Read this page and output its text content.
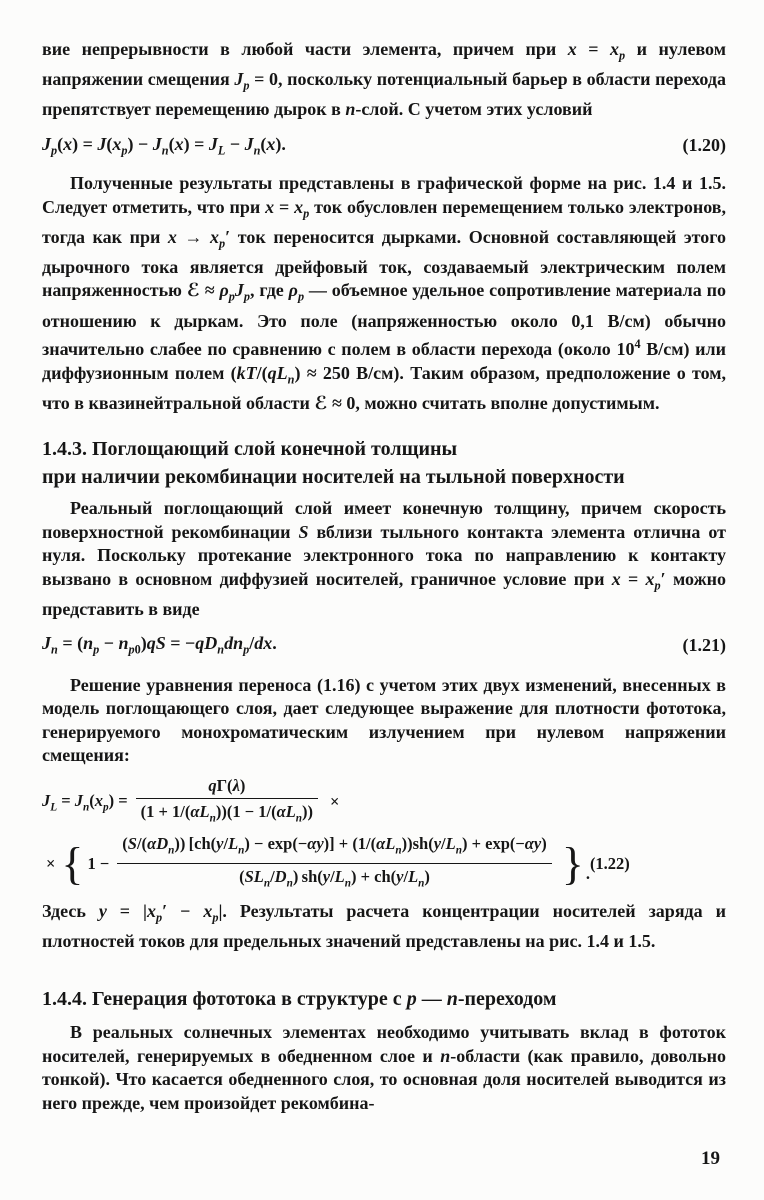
вие непрерывности в любой части элемента, причем при $x = x_p$ и нулевом напряжении смещения $J_p = 0$, поскольку потенциальный барьер в области перехода препятствует перемещению дырок в n-слой. С учетом этих условий

$J_p(x) = J(x_p) - J_n(x) = J_L - J_n(x)$.	(1.20)

Полученные результаты представлены в графической форме на рис. 1.4 и 1.5. Следует отметить, что при $x = x_p$ ток обусловлен перемещением только электронов, тогда как при $x \to x_p'$ ток переносится дырками. Основной составляющей этого дырочного тока является дрейфовый ток, создаваемый электрическим полем напряженностью ℰ ≈ $\rho_pJ_p$, где $\rho_p$ — объемное удельное сопротивление материала по отношению к дыркам. Это поле (напряженностью около 0,1 В/см) обычно значительно слабее по сравнению с полем в области перехода (около $10^4$ В/см) или диффузионным полем ($kT/(qL_n) \approx 250$ В/см). Таким образом, предположение о том, что в квазинейтральной области ℰ ≈ 0, можно считать вполне допустимым.

1.4.3. Поглощающий слой конечной толщины
при наличии рекомбинации носителей на тыльной поверхности

Реальный поглощающий слой имеет конечную толщину, причем скорость поверхностной рекомбинации S вблизи тыльного контакта элемента отлична от нуля. Поскольку протекание электронного тока по направлению к контакту вызвано в основном диффузией носителей, граничное условие при $x = x_p'$ можно представить в виде

$J_n = (n_p - n_{p0})qS = -qD_ndn_p/dx$.	(1.21)

Решение уравнения переноса (1.16) с учетом этих двух изменений, внесенных в модель поглощающего слоя, дает следующее выражение для плотности фототока, генерируемого монохроматическим излучением при нулевом напряжении смещения:

$J_L = J_n(x_p) = \frac{q\Gamma(\lambda)}{(1 + 1/(\alpha L_n))(1 - 1/(\alpha L_n))}$ ×
× { 1 −
$(S/(\alpha D_n)) [ch(y/L_n) - \exp(-\alpha y)] + (1/(\alpha L_n))sh(y/L_n) + \exp(-\alpha y)$
$(SL_n/D_n) sh(y/L_n) + ch(y/L_n)$	} .
(1.22)

Здесь $y = |x_p' - x_p|$. Результаты расчета концентрации носителей заряда и плотностей токов для предельных значений представлены на рис. 1.4 и 1.5.

1.4.4. Генерация фототока в структуре с p — n-переходом

В реальных солнечных элементах необходимо учитывать вклад в фототок носителей, генерируемых в обедненном слое и n-области (как правило, довольно тонкой). Что касается обедненного слоя, то основная доля носителей выводится из него прежде, чем произойдет рекомбина-

19
